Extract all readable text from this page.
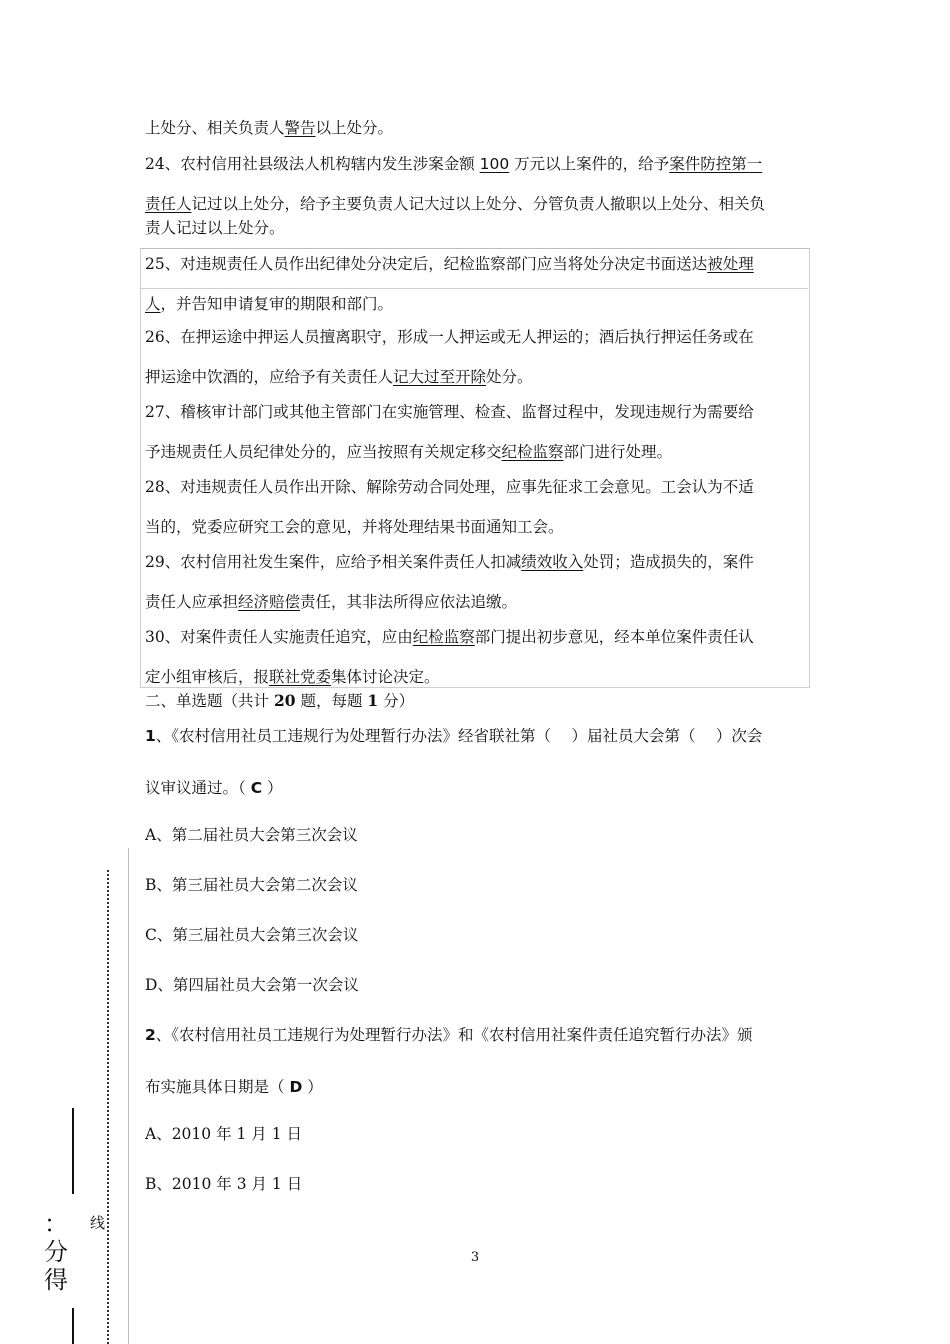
线
：
分
得
上处分、相关负责人警告以上处分。
24、农村信用社县级法人机构辖内发生涉案金额 100 万元以上案件的，给予案件防控第一
责任人记过以上处分，给予主要负责人记大过以上处分、分管负责人撤职以上处分、相关负
责人记过以上处分。
25、对违规责任人员作出纪律处分决定后，纪检监察部门应当将处分决定书面送达被处理
人，并告知申请复审的期限和部门。
26、在押运途中押运人员擅离职守，形成一人押运或无人押运的；酒后执行押运任务或在
押运途中饮酒的，应给予有关责任人记大过至开除处分。
27、稽核审计部门或其他主管部门在实施管理、检查、监督过程中，发现违规行为需要给
予违规责任人员纪律处分的，应当按照有关规定移交纪检监察部门进行处理。
28、对违规责任人员作出开除、解除劳动合同处理，应事先征求工会意见。工会认为不适
当的，党委应研究工会的意见，并将处理结果书面通知工会。
29、农村信用社发生案件，应给予相关案件责任人扣减绩效收入处罚；造成损失的，案件
责任人应承担经济赔偿责任，其非法所得应依法追缴。
30、对案件责任人实施责任追究，应由纪检监察部门提出初步意见，经本单位案件责任认
定小组审核后，报联社党委集体讨论决定。
二、单选题（共计 20 题，每题 1 分）
1、《农村信用社员工违规行为处理暂行办法》经省联社第（　 ）届社员大会第（　 ）次会
议审议通过。（ C ）
A、第二届社员大会第三次会议
B、第三届社员大会第二次会议
C、第三届社员大会第三次会议
D、第四届社员大会第一次会议
2、《农村信用社员工违规行为处理暂行办法》和《农村信用社案件责任追究暂行办法》颁
布实施具体日期是（ D ）
A、2010 年 1 月 1 日
B、2010 年 3 月 1 日
3
